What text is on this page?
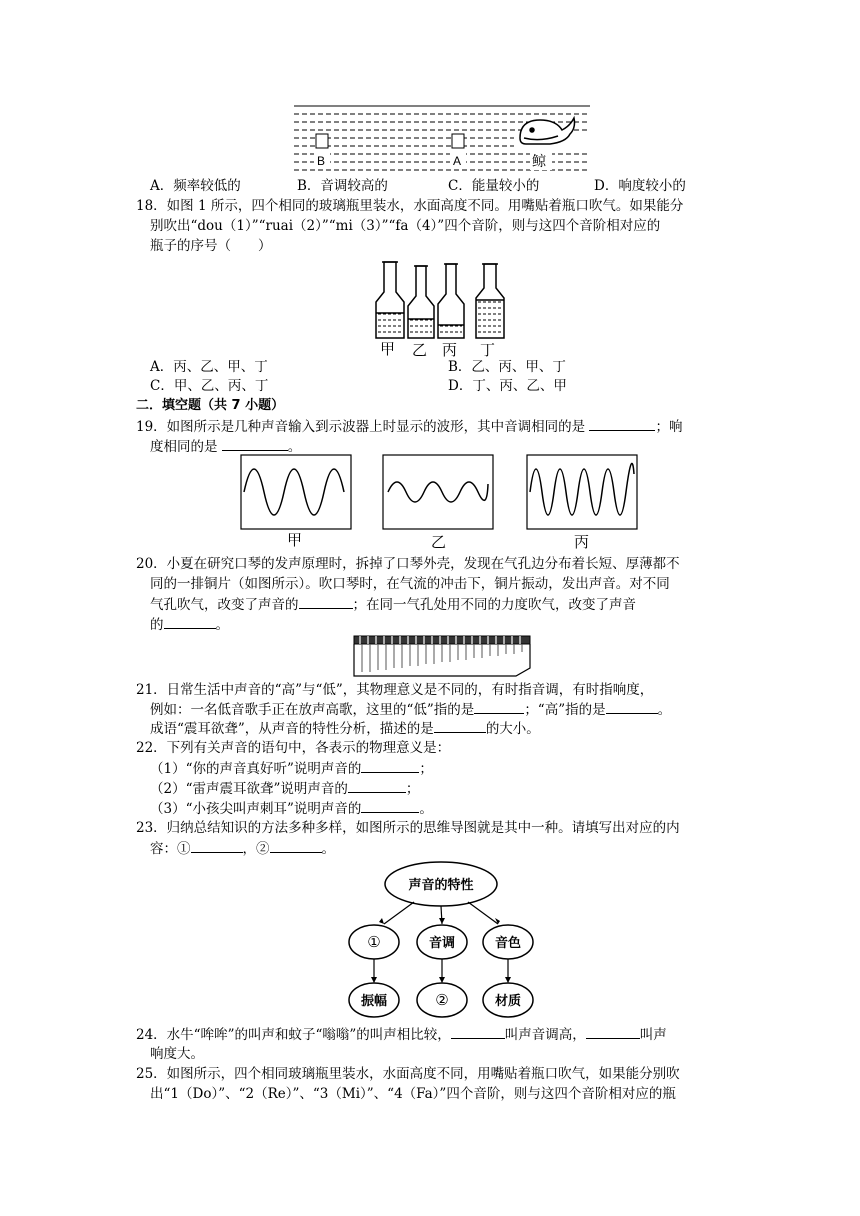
B	A	鲸
A．频率较低的	B．音调较高的	C．能量较小的	D．响度较小的
18．如图 1 所示，四个相同的玻璃瓶里装水，水面高度不同。用嘴贴着瓶口吹气。如果能分
别吹出“dou（1）”“ruai（2）”“mi（3）”“fa（4）”四个音阶，则与这四个音阶相对应的
瓶子的序号（　　）
甲 乙 丙 丁
A．丙、乙、甲、丁	B．乙、丙、甲、丁
C．甲、乙、丙、丁	D．丁、丙、乙、甲
二．填空题（共 7 小题）
19．如图所示是几种声音输入到示波器上时显示的波形，其中音调相同的是	；响
度相同的是	。
甲	乙	丙
20．小夏在研究口琴的发声原理时，拆掉了口琴外壳，发现在气孔边分布着长短、厚薄都不
同的一排铜片（如图所示）。吹口琴时，在气流的冲击下，铜片振动，发出声音。对不同
气孔吹气，改变了声音的	；在同一气孔处用不同的力度吹气，改变了声音
的	。
21．日常生活中声音的“高”与“低”，其物理意义是不同的，有时指音调，有时指响度，
例如：一名低音歌手正在放声高歌，这里的“低”指的是	；“高”指的是	。
成语“震耳欲聋”，从声音的特性分析，描述的是	的大小。
22．下列有关声音的语句中，各表示的物理意义是：
（1）“你的声音真好听”说明声音的	；
（2）“雷声震耳欲聋”说明声音的	；
（3）“小孩尖叫声刺耳”说明声音的	。
23．归纳总结知识的方法多种多样，如图所示的思维导图就是其中一种。请填写出对应的内
容：①	，②	。
声音的特性
①	音调	音色
振幅	②	材质
24．水牛“哞哞”的叫声和蚊子“嗡嗡”的叫声相比较，	叫声音调高，	叫声
响度大。
25．如图所示，四个相同玻璃瓶里装水，水面高度不同，用嘴贴着瓶口吹气，如果能分别吹
出“1（Do）”、“2（Re）”、“3（Mi）”、“4（Fa）”四个音阶，则与这四个音阶相对应的瓶
